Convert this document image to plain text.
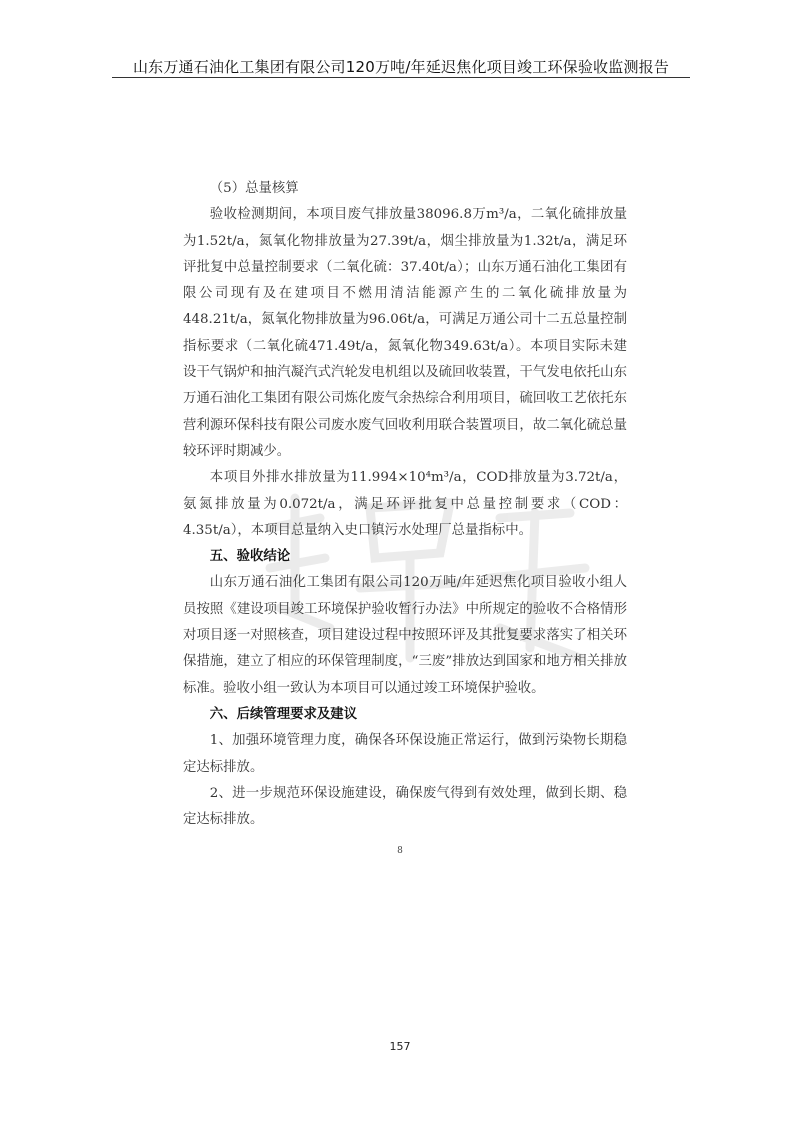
山东万通石油化工集团有限公司120万吨/年延迟焦化项目竣工环保验收监测报告

（5）总量核算

验收检测期间，本项目废气排放量38096.8万m³/a，二氧化硫排放量为1.52t/a，氮氧化物排放量为27.39t/a，烟尘排放量为1.32t/a，满足环评批复中总量控制要求（二氧化硫：37.40t/a）；山东万通石油化工集团有限公司现有及在建项目不燃用清洁能源产生的二氧化硫排放量为448.21t/a，氮氧化物排放量为96.06t/a，可满足万通公司十二五总量控制指标要求（二氧化硫471.49t/a，氮氧化物349.63t/a）。本项目实际未建设干气锅炉和抽汽凝汽式汽轮发电机组以及硫回收装置，干气发电依托山东万通石油化工集团有限公司炼化废气余热综合利用项目，硫回收工艺依托东营利源环保科技有限公司废水废气回收利用联合装置项目，故二氧化硫总量较环评时期减少。

本项目外排水排放量为11.994×10⁴m³/a，COD排放量为3.72t/a，氨氮排放量为0.072t/a，满足环评批复中总量控制要求（COD：4.35t/a），本项目总量纳入史口镇污水处理厂总量指标中。

五、验收结论

山东万通石油化工集团有限公司120万吨/年延迟焦化项目验收小组人员按照《建设项目竣工环境保护验收暂行办法》中所规定的验收不合格情形对项目逐一对照核查，项目建设过程中按照环评及其批复要求落实了相关环保措施，建立了相应的环保管理制度，“三废”排放达到国家和地方相关排放标准。验收小组一致认为本项目可以通过竣工环境保护验收。

六、后续管理要求及建议

1、加强环境管理力度，确保各环保设施正常运行，做到污染物长期稳定达标排放。

2、进一步规范环保设施建设，确保废气得到有效处理，做到长期、稳定达标排放。

8
157
